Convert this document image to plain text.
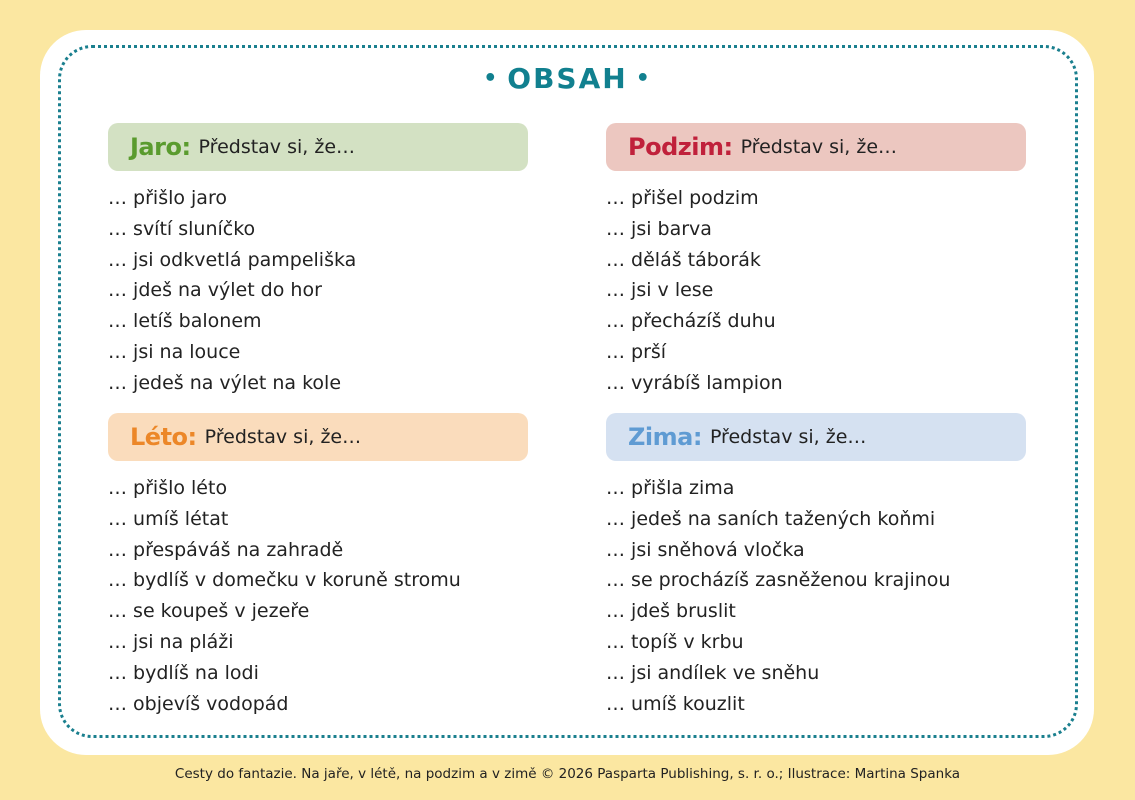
• OBSAH •
Jaro: Představ si, že…
… přišlo jaro
… svítí sluníčko
… jsi odkvetlá pampeliška
… jdeš na výlet do hor
… letíš balonem
… jsi na louce
… jedeš na výlet na kole
Podzim: Představ si, že…
… přišel podzim
… jsi barva
… děláš táborák
… jsi v lese
… přecházíš duhu
… prší
… vyrábíš lampion
Léto: Představ si, že…
… přišlo léto
… umíš létat
… přespáváš na zahradě
… bydlíš v domečku v koruně stromu
… se koupeš v jezeře
… jsi na pláži
… bydlíš na lodi
… objevíš vodopád
Zima: Představ si, že…
… přišla zima
… jedeš na saních tažených koňmi
… jsi sněhová vločka
… se procházíš zasněženou krajinou
… jdeš bruslit
… topíš v krbu
… jsi andílek ve sněhu
… umíš kouzlit
Cesty do fantazie. Na jaře, v létě, na podzim a v zimě © 2026 Pasparta Publishing, s. r. o.; Ilustrace: Martina Spanka
